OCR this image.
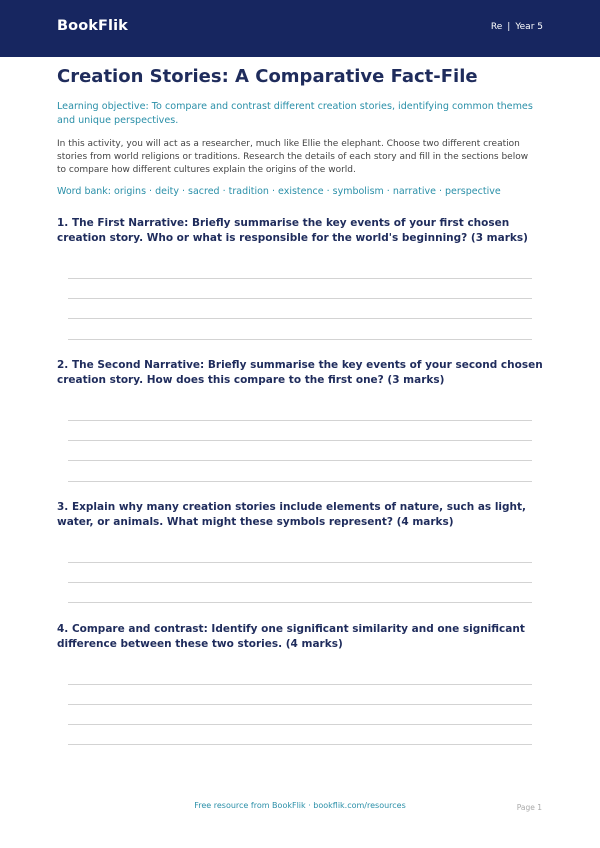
BookFlik	Re | Year 5
Creation Stories: A Comparative Fact-File
Learning objective: To compare and contrast different creation stories, identifying common themes and unique perspectives.
In this activity, you will act as a researcher, much like Ellie the elephant. Choose two different creation stories from world religions or traditions. Research the details of each story and fill in the sections below to compare how different cultures explain the origins of the world.
Word bank: origins · deity · sacred · tradition · existence · symbolism · narrative · perspective
1. The First Narrative: Briefly summarise the key events of your first chosen creation story. Who or what is responsible for the world's beginning? (3 marks)
2. The Second Narrative: Briefly summarise the key events of your second chosen creation story. How does this compare to the first one? (3 marks)
3. Explain why many creation stories include elements of nature, such as light, water, or animals. What might these symbols represent? (4 marks)
4. Compare and contrast: Identify one significant similarity and one significant difference between these two stories. (4 marks)
Free resource from BookFlik · bookflik.com/resources	Page 1
